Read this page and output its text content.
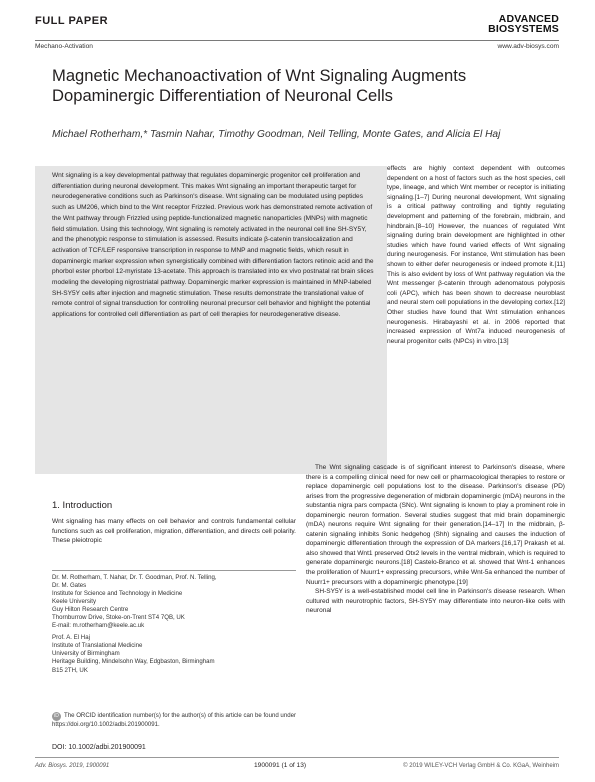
FULL PAPER	ADVANCED
BIOSYSTEMS
Mechano-Activation	www.adv-biosys.com
Magnetic Mechanoactivation of Wnt Signaling Augments Dopaminergic Differentiation of Neuronal Cells
Michael Rotherham,* Tasmin Nahar, Timothy Goodman, Neil Telling, Monte Gates, and Alicia El Haj
Wnt signaling is a key developmental pathway that regulates dopaminergic progenitor cell proliferation and differentiation during neuronal development. This makes Wnt signaling an important therapeutic target for neurodegenerative conditions such as Parkinson's disease. Wnt signaling can be modulated using peptides such as UM206, which bind to the Wnt receptor Frizzled. Previous work has demonstrated remote activation of the Wnt pathway through Frizzled using peptide-functionalized magnetic nanoparticles (MNPs) with magnetic field stimulation. Using this technology, Wnt signaling is remotely activated in the neuronal cell line SH-SY5Y, and the phenotypic response to stimulation is assessed. Results indicate β-catenin translocalization and activation of TCF/LEF responsive transcription in response to MNP and magnetic fields, which result in dopaminergic marker expression when synergistically combined with differentiation factors retinoic acid and the phorbol ester phorbol 12-myristate 13-acetate. This approach is translated into ex vivo postnatal rat brain slices modeling the developing nigrostriatal pathway. Dopaminergic marker expression is maintained in MNP-labeled SH-SY5Y cells after injection and magnetic stimulation. These results demonstrate the translational value of remote control of signal transduction for controlling neuronal precursor cell behavior and highlight the potential applications for controlled cell differentiation as part of cell therapies for neurodegenerative disease.
effects are highly context dependent with outcomes dependent on a host of factors such as the host species, cell type, lineage, and which Wnt member or receptor is initiating signaling.[1–7] During neuronal development, Wnt signaling is a critical pathway controlling and tightly regulating development and patterning of the forebrain, midbrain, and hindbrain.[8–10] However, the nuances of regulated Wnt signaling during brain development are highlighted in other studies which have found varied effects of Wnt signaling during neurogenesis. For instance, Wnt stimulation has been shown to either defer neurogenesis or indeed promote it.[11] This is also evident by loss of Wnt pathway regulation via the Wnt messenger β-catenin through adenomatous polyposis coli (APC), which has been shown to decrease neuroblast and neural stem cell populations in the developing cortex.[12] Other studies have found that Wnt stimulation enhances neurogenesis. Hirabayashi et al. in 2006 reported that increased expression of Wnt7a induced neurogenesis of neural progenitor cells (NPCs) in vitro.[13]

The Wnt signaling cascade is of significant interest to Parkinson's disease, where there is a compelling clinical need for new cell or pharmacological therapies to restore or replace dopaminergic cell populations lost to the disease. Parkinson's disease (PD) arises from the progressive degeneration of midbrain dopaminergic (mDA) neurons in the substantia nigra pars compacta (SNc). Wnt signaling is known to play a prominent role in dopaminergic neuron formation. Several studies suggest that mid brain dopaminergic (mDA) neurons require Wnt signaling for their generation.[14–17] In the midbrain, β-catenin signaling inhibits Sonic hedgehog (Shh) signaling and causes the induction of dopaminergic differentiation through the expression of DA markers.[16,17] Prakash et al. also showed that Wnt1 preserved Otx2 levels in the ventral midbrain, which is required to generate dopaminergic neurons.[18] Castelo-Branco et al. showed that Wnt-1 enhances the proliferation of Nuurr1+ expressing precursors, while Wnt-5a enhanced the number of Nuurr1+ precursors with a dopaminergic phenotype.[19]

SH-SY5Y is a well-established model cell line in Parkinson's disease research. When cultured with neurotrophic factors, SH-SY5Y may differentiate into neuron-like cells with neuronal

1. Introduction
Wnt signaling has many effects on cell behavior and controls fundamental cellular functions such as cell proliferation, migration, differentiation, and directs cell polarity. These pleiotropic
Dr. M. Rotherham, T. Nahar, Dr. T. Goodman, Prof. N. Telling,
Dr. M. Gates
Institute for Science and Technology in Medicine
Keele University
Guy Hilton Research Centre
Thornburrow Drive, Stoke-on-Trent ST4 7QB, UK
E-mail: m.rotherham@keele.ac.uk
Prof. A. El Haj
Institute of Translational Medicine
University of Birmingham
Heritage Building, Mindelsohn Way, Edgbaston, Birmingham
B15 2TH, UK
iD The ORCID identification number(s) for the author(s) of this article can be found under https://doi.org/10.1002/adbi.201900091.
DOI: 10.1002/adbi.201900091
Adv. Biosys. 2019, 1900091	1900091 (1 of 13)	© 2019 WILEY-VCH Verlag GmbH & Co. KGaA, Weinheim
